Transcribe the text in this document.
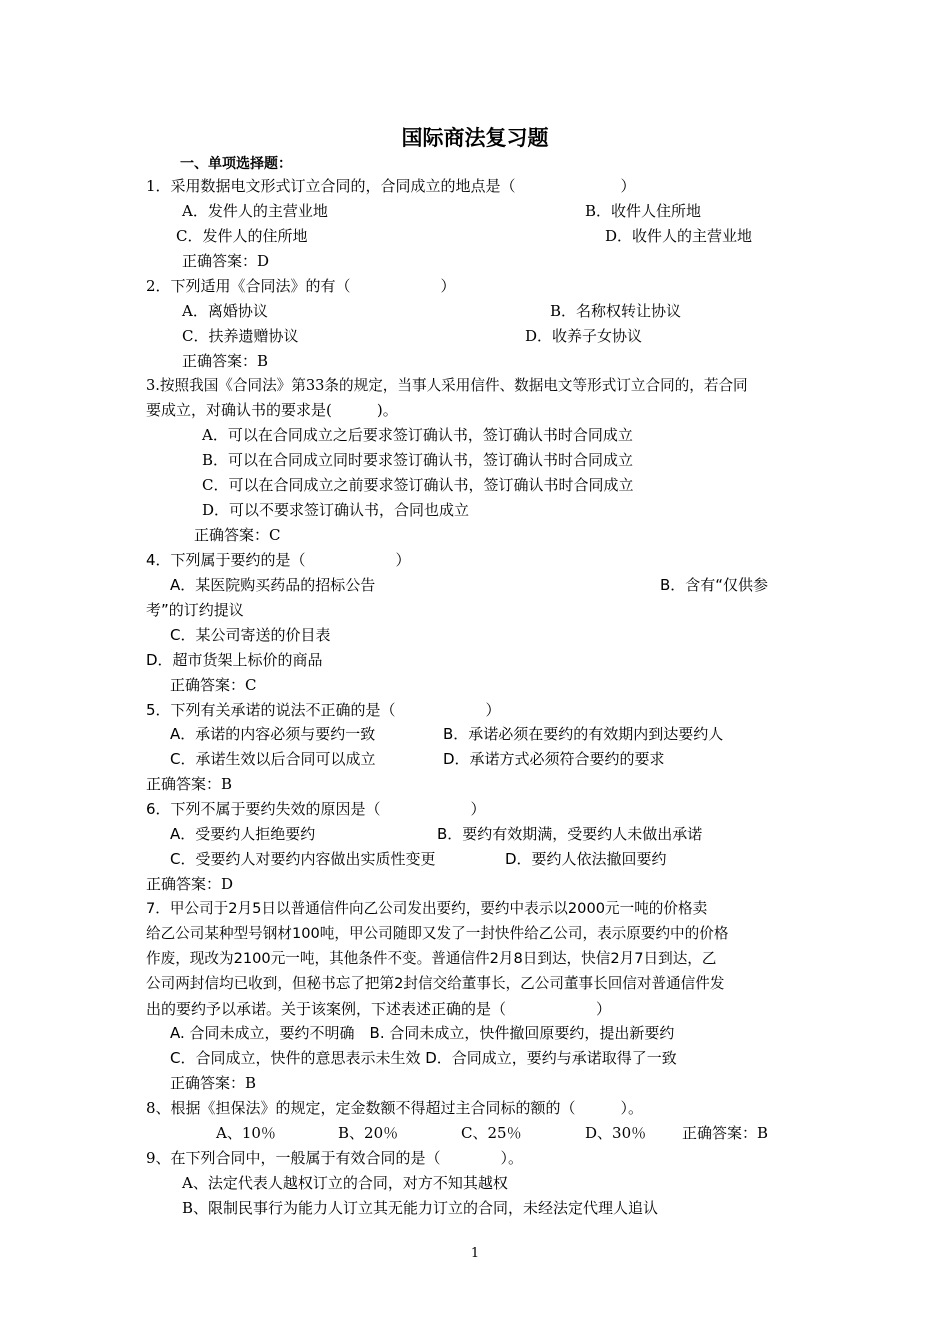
国际商法复习题
一、单项选择题：
1．采用数据电文形式订立合同的，合同成立的地点是（　　　　　　　）
A．发件人的主营业地	B．收件人住所地
C．发件人的住所地	D．收件人的主营业地
正确答案：D
2．下列适用《合同法》的有（　　　　　　）
A．离婚协议	B．名称权转让协议
C．扶养遗赠协议	D．收养子女协议
正确答案：B
3.按照我国《合同法》第33条的规定，当事人采用信件、数据电文等形式订立合同的，若合同
要成立，对确认书的要求是(　　　)。
A．可以在合同成立之后要求签订确认书，签订确认书时合同成立
B．可以在合同成立同时要求签订确认书，签订确认书时合同成立
C．可以在合同成立之前要求签订确认书，签订确认书时合同成立
D．可以不要求签订确认书，合同也成立
正确答案：C
4．下列属于要约的是（　　　　　　）
A．某医院购买药品的招标公告	B．含有“仅供参
考”的订约提议
C．某公司寄送的价目表
D．超市货架上标价的商品
正确答案：C
5．下列有关承诺的说法不正确的是（　　　　　　）
A．承诺的内容必须与要约一致	B．承诺必须在要约的有效期内到达要约人
C．承诺生效以后合同可以成立	D．承诺方式必须符合要约的要求
正确答案：B
6．下列不属于要约失效的原因是（　　　　　　）
A．受要约人拒绝要约	B．要约有效期满，受要约人未做出承诺
C．受要约人对要约内容做出实质性变更	D．要约人依法撤回要约
正确答案：D
7．甲公司于2月5日以普通信件向乙公司发出要约，要约中表示以2000元一吨的价格卖
给乙公司某种型号钢材100吨，甲公司随即又发了一封快件给乙公司，表示原要约中的价格
作废，现改为2100元一吨，其他条件不变。普通信件2月8日到达，快信2月7日到达，乙
公司两封信均已收到，但秘书忘了把第2封信交给董事长，乙公司董事长回信对普通信件发
出的要约予以承诺。关于该案例，下述表述正确的是（　　　　　　）
A. 合同未成立，要约不明确　B. 合同未成立，快件撤回原要约，提出新要约
C．合同成立，快件的意思表示未生效 D．合同成立，要约与承诺取得了一致
正确答案：B
8、根据《担保法》的规定，定金数额不得超过主合同标的额的（　　　）。
A、10％	B、20％	C、25％	D、30％ 正确答案：B
9、在下列合同中，一般属于有效合同的是（　　　　）。
A、法定代表人越权订立的合同，对方不知其越权
B、限制民事行为能力人订立其无能力订立的合同，未经法定代理人追认
1
